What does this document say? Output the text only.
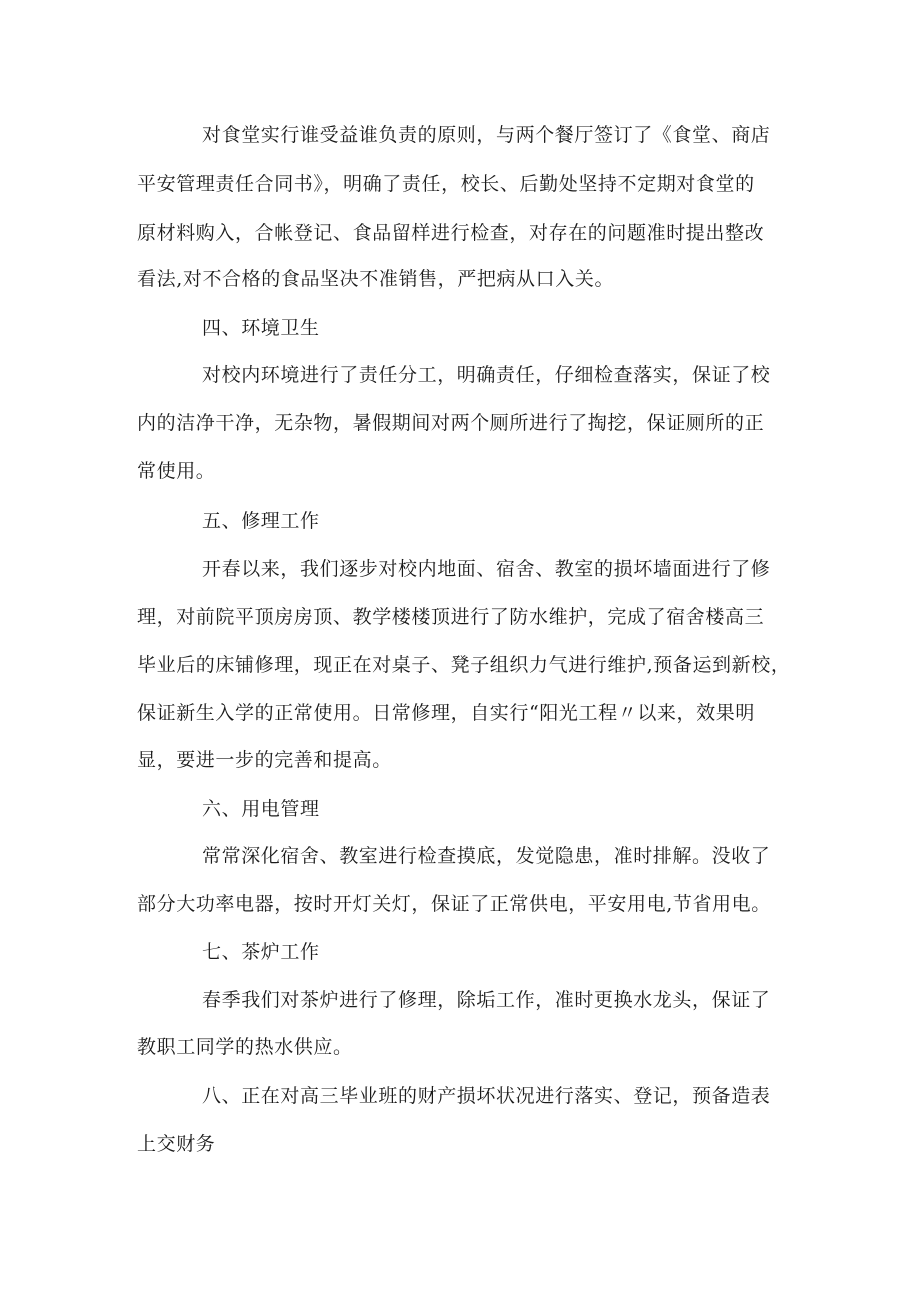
对食堂实行谁受益谁负责的原则，与两个餐厅签订了《食堂、商店
平安管理责任合同书》，明确了责任，校长、后勤处坚持不定期对食堂的
原材料购入，合帐登记、食品留样进行检查，对存在的问题准时提出整改
看法,对不合格的食品坚决不准销售，严把病从口入关。
四、环境卫生
对校内环境进行了责任分工，明确责任，仔细检查落实，保证了校
内的洁净干净，无杂物，暑假期间对两个厕所进行了掏挖，保证厕所的正
常使用。
五、修理工作
开春以来，我们逐步对校内地面、宿舍、教室的损坏墙面进行了修
理，对前院平顶房房顶、教学楼楼顶进行了防水维护，完成了宿舍楼高三
毕业后的床铺修理，现正在对桌子、凳子组织力气进行维护,预备运到新校，
保证新生入学的正常使用。日常修理，自实行“阳光工程〃以来，效果明
显，要进一步的完善和提高。
六、用电管理
常常深化宿舍、教室进行检查摸底，发觉隐患，准时排解。没收了
部分大功率电器，按时开灯关灯，保证了正常供电，平安用电,节省用电。
七、茶炉工作
春季我们对茶炉进行了修理，除垢工作，准时更换水龙头，保证了
教职工同学的热水供应。
八、正在对高三毕业班的财产损坏状况进行落实、登记，预备造表
上交财务
